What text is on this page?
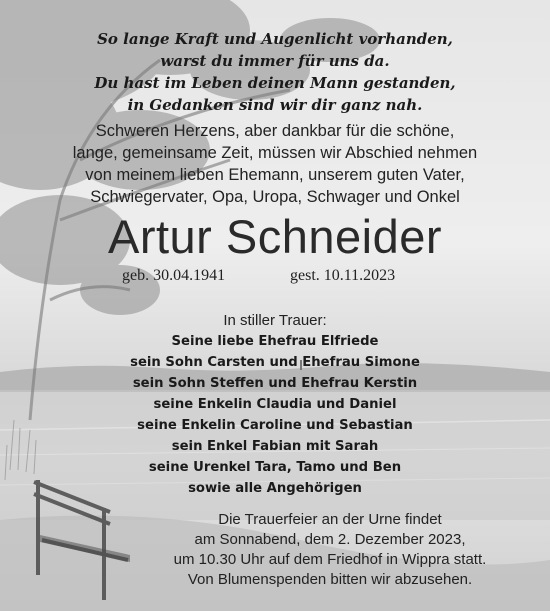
So lange Kraft und Augenlicht vorhanden,
warst du immer für uns da.
Du hast im Leben deinen Mann gestanden,
in Gedanken sind wir dir ganz nah.
Schweren Herzens, aber dankbar für die schöne,
lange, gemeinsame Zeit, müssen wir Abschied nehmen
von meinem lieben Ehemann, unserem guten Vater,
Schwiegervater, Opa, Uropa, Schwager und Onkel
Artur Schneider
geb. 30.04.1941	gest. 10.11.2023
In stiller Trauer:
Seine liebe Ehefrau Elfriede
sein Sohn Carsten und Ehefrau Simone
sein Sohn Steffen und Ehefrau Kerstin
seine Enkelin Claudia und Daniel
seine Enkelin Caroline und Sebastian
sein Enkel Fabian mit Sarah
seine Urenkel Tara, Tamo und Ben
sowie alle Angehörigen
Die Trauerfeier an der Urne findet
am Sonnabend, dem 2. Dezember 2023,
um 10.30 Uhr auf dem Friedhof in Wippra statt.
Von Blumenspenden bitten wir abzusehen.
